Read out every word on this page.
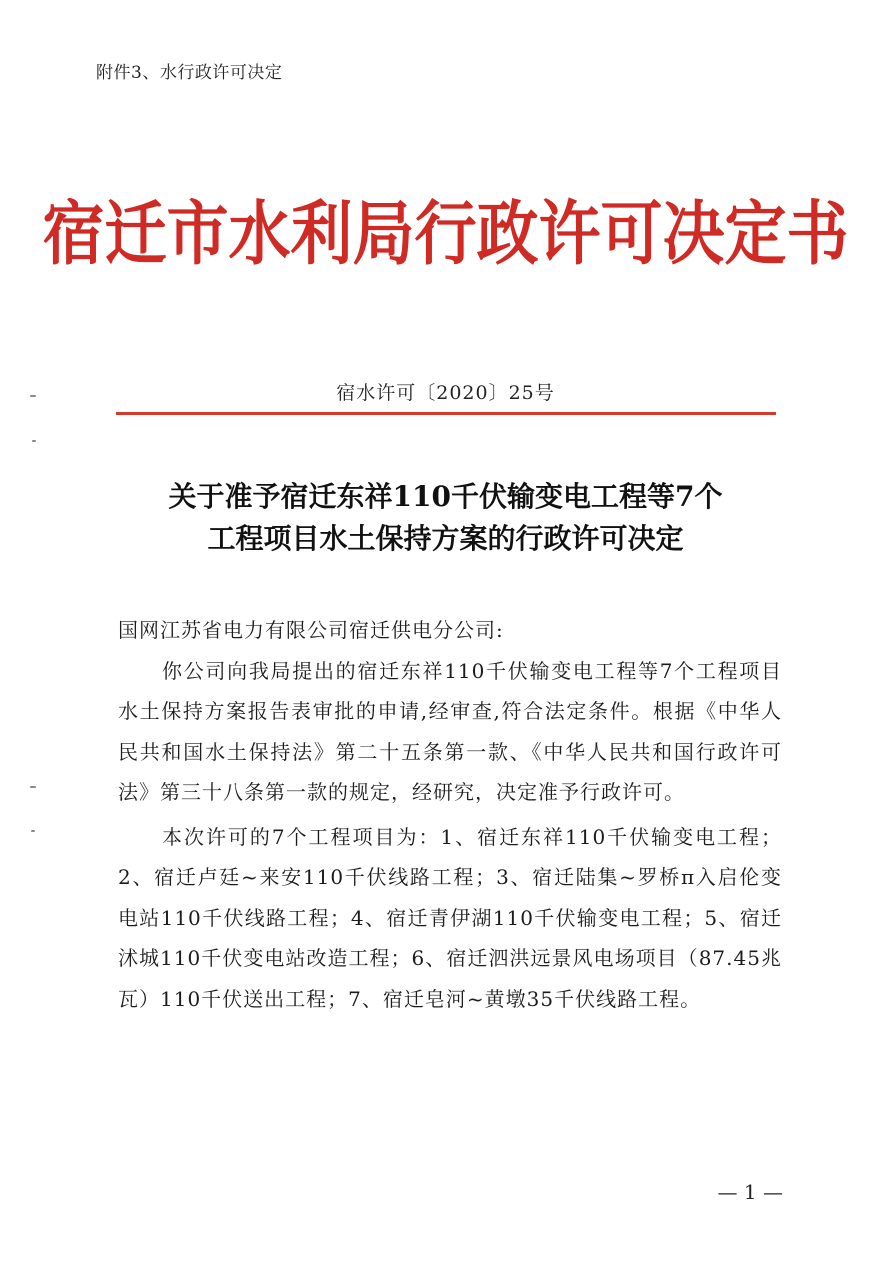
附件3、水行政许可决定
宿迁市水利局行政许可决定书
宿水许可〔2020〕25号
关于准予宿迁东祥110千伏输变电工程等7个
工程项目水土保持方案的行政许可决定

国网江苏省电力有限公司宿迁供电分公司:

你公司向我局提出的宿迁东祥110千伏输变电工程等7个工程项目水土保持方案报告表审批的申请,经审查,符合法定条件。根据《中华人民共和国水土保持法》第二十五条第一款、《中华人民共和国行政许可法》第三十八条第一款的规定，经研究，决定准予行政许可。

本次许可的7个工程项目为：1、宿迁东祥110千伏输变电工程；2、宿迁卢廷~来安110千伏线路工程；3、宿迁陆集~罗桥π入启伦变电站110千伏线路工程；4、宿迁青伊湖110千伏输变电工程；5、宿迁沭城110千伏变电站改造工程；6、宿迁泗洪远景风电场项目（87.45兆瓦）110千伏送出工程；7、宿迁皂河~黄墩35千伏线路工程。

— 1 —
